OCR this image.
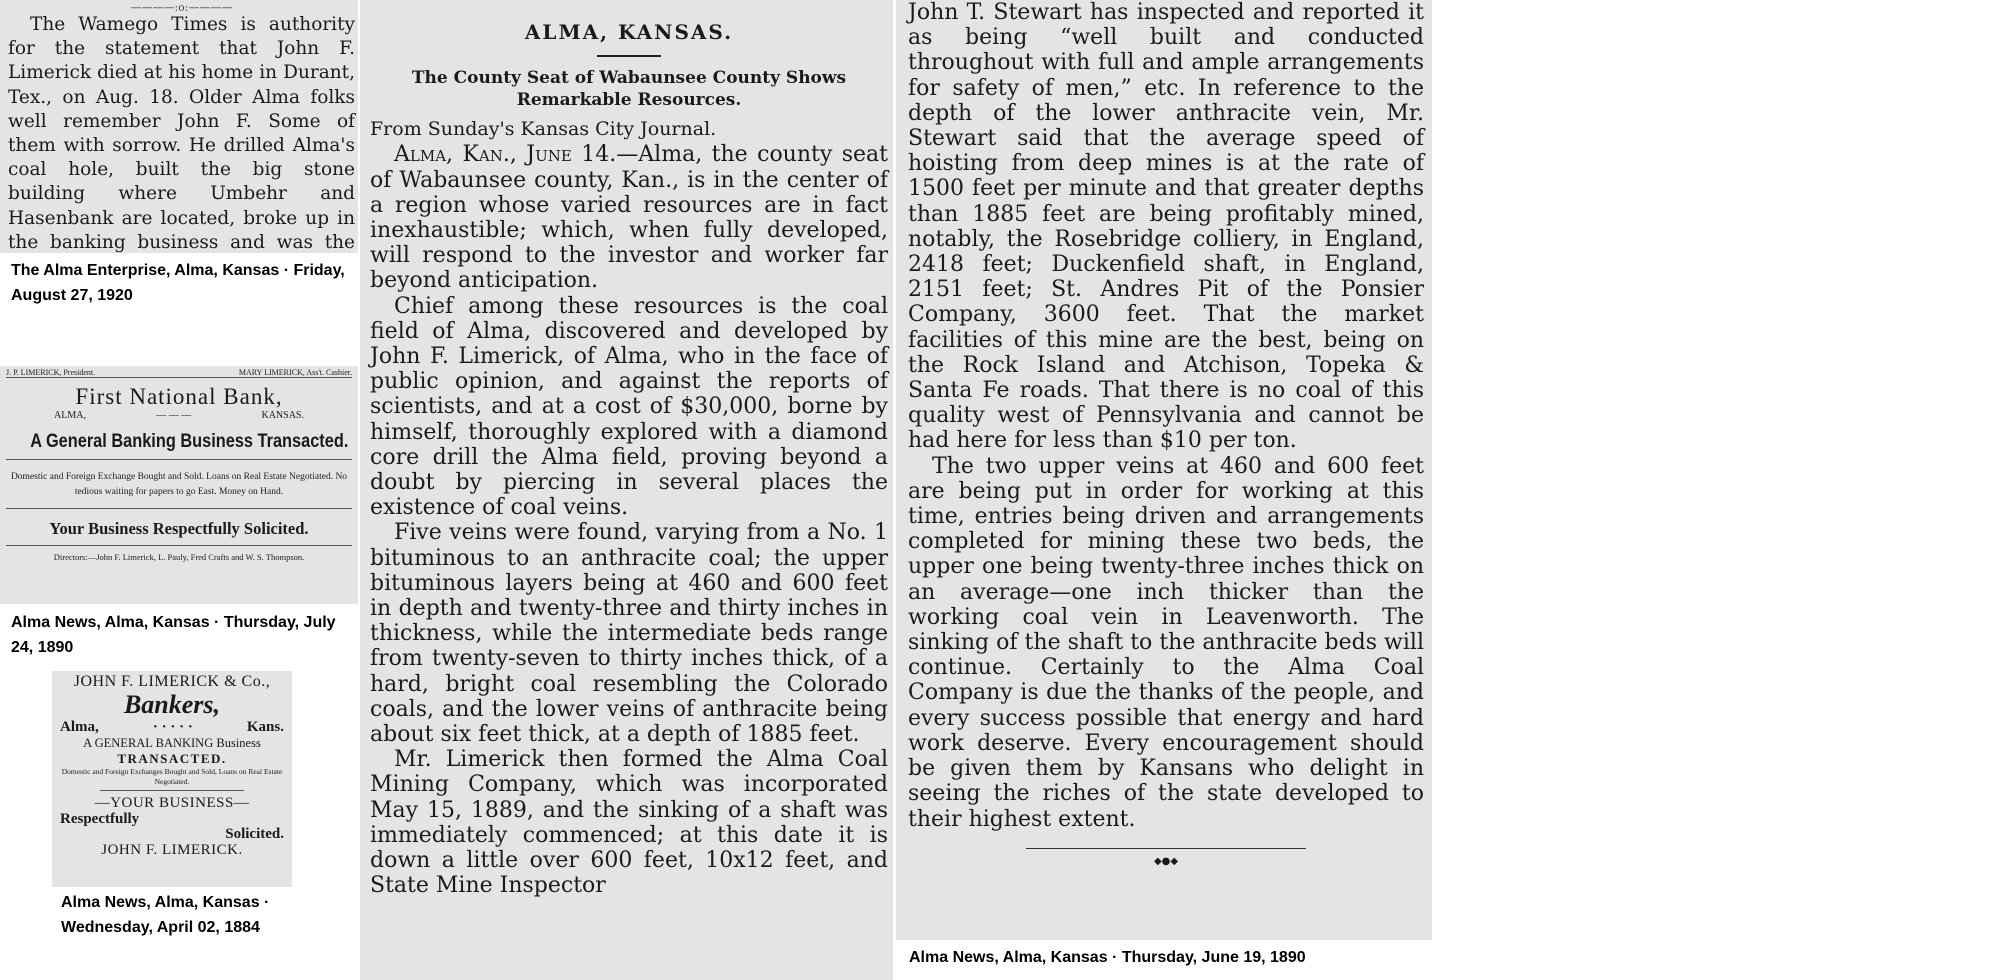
————:o:————

The Wamego Times is authority for the statement that John F. Limerick died at his home in Durant, Tex., on Aug. 18. Older Alma folks well remember John F. Some of them with sorrow. He drilled Alma's coal hole, built the big stone building where Umbehr and Hasenbank are located, broke up in the banking business and was the

The Alma Enterprise, Alma, Kansas · Friday, August 27, 1920

J. P. LIMERICK, President.	MARY LIMERICK, Ass't. Cashier.
First National Bank,
ALMA,	— — —	KANSAS.
A General Banking Business Transacted.
Domestic and Foreign Exchange Bought and Sold. Loans on Real Estate Negotiated. No tedious waiting for papers to go East. Money on Hand.
Your Business Respectfully Solicited.
Directors:—John F. Limerick, L. Pauly, Fred Crafts and W. S. Thompson.

Alma News, Alma, Kansas · Thursday, July 24, 1890

JOHN F. LIMERICK & Co.,
Bankers,
Alma,	· · · · ·	Kans.
A GENERAL BANKING Business
TRANSACTED.
Domestic and Foreign Exchanges Bought and Sold, Loans on Real Estate Negotiated.
—YOUR BUSINESS—
Respectfully
Solicited.
JOHN F. LIMERICK.

Alma News, Alma, Kansas · Wednesday, April 02, 1884

ALMA, KANSAS.
The County Seat of Wabaunsee County Shows Remarkable Resources.
From Sunday's Kansas City Journal.

Alma, Kan., June 14.—Alma, the county seat of Wabaunsee county, Kan., is in the center of a region whose varied resources are in fact inexhaustible; which, when fully developed, will respond to the investor and worker far beyond anticipation.

Chief among these resources is the coal field of Alma, discovered and developed by John F. Limerick, of Alma, who in the face of public opinion, and against the reports of scientists, and at a cost of $30,000, borne by himself, thoroughly explored with a diamond core drill the Alma field, proving beyond a doubt by piercing in several places the existence of coal veins.

Five veins were found, varying from a No. 1 bituminous to an anthracite coal; the upper bituminous layers being at 460 and 600 feet in depth and twenty-three and thirty inches in thickness, while the intermediate beds range from twenty-seven to thirty inches thick, of a hard, bright coal resembling the Colorado coals, and the lower veins of anthracite being about six feet thick, at a depth of 1885 feet.

Mr. Limerick then formed the Alma Coal Mining Company, which was incorporated May 15, 1889, and the sinking of a shaft was immediately commenced; at this date it is down a little over 600 feet, 10x12 feet, and State Mine Inspector

John T. Stewart has inspected and reported it as being “well built and conducted throughout with full and ample arrangements for safety of men,” etc. In reference to the depth of the lower anthracite vein, Mr. Stewart said that the average speed of hoisting from deep mines is at the rate of 1500 feet per minute and that greater depths than 1885 feet are being profitably mined, notably, the Rosebridge colliery, in England, 2418 feet; Duckenfield shaft, in England, 2151 feet; St. Andres Pit of the Ponsier Company, 3600 feet. That the market facilities of this mine are the best, being on the Rock Island and Atchison, Topeka & Santa Fe roads. That there is no coal of this quality west of Pennsylvania and cannot be had here for less than $10 per ton.

The two upper veins at 460 and 600 feet are being put in order for working at this time, entries being driven and arrangements completed for mining these two beds, the upper one being twenty-three inches thick on an average—one inch thicker than the working coal vein in Leavenworth. The sinking of the shaft to the anthracite beds will continue. Certainly to the Alma Coal Company is due the thanks of the people, and every success possible that energy and hard work deserve. Every encouragement should be given them by Kansans who delight in seeing the riches of the state developed to their highest extent.

◆●◆

Alma News, Alma, Kansas · Thursday, June 19, 1890
